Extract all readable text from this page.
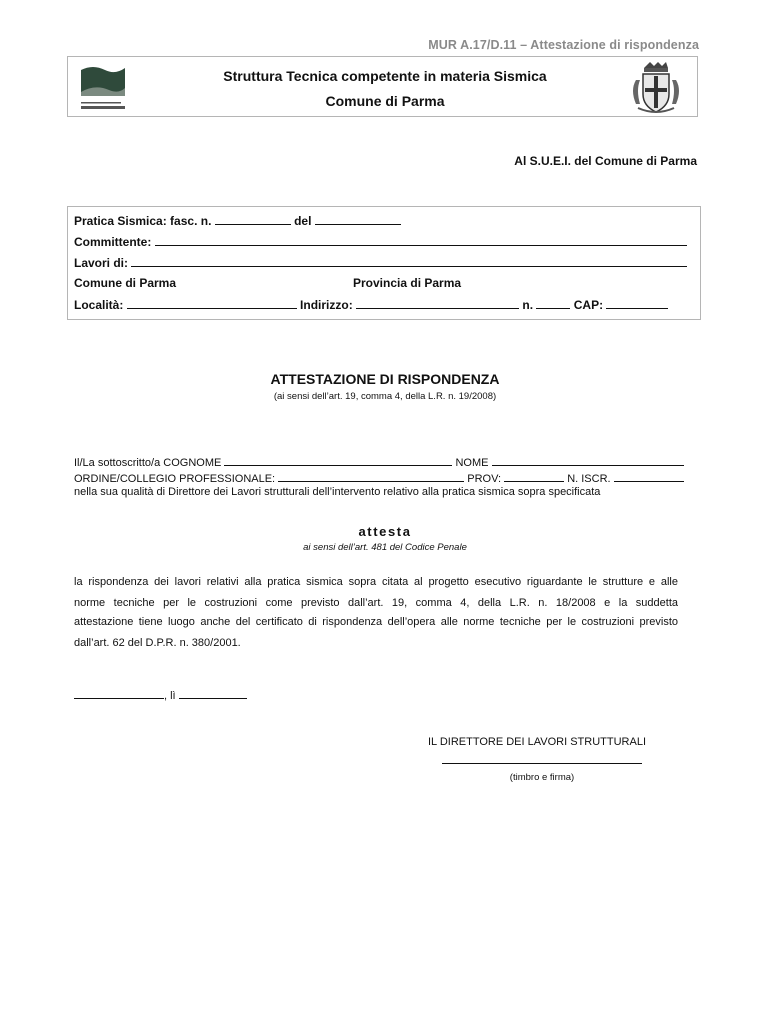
MUR A.17/D.11 – Attestazione di rispondenza
Struttura Tecnica competente in materia Sismica
Comune di Parma
Al S.U.E.I. del Comune di Parma
Pratica Sismica: fasc. n.	del
Committente:
Lavori di:
Comune di Parma	Provincia di Parma
Località:	Indirizzo:	n.	CAP:
ATTESTAZIONE DI RISPONDENZA
(ai sensi dell’art. 19, comma 4, della L.R. n. 19/2008)
Il/La sottoscritto/a COGNOME	NOME
ORDINE/COLLEGIO PROFESSIONALE:	PROV:	N. ISCR.
nella sua qualità di Direttore dei Lavori strutturali dell’intervento relativo alla pratica sismica sopra specificata
attesta
ai sensi dell’art. 481 del Codice Penale
la rispondenza dei lavori relativi alla pratica sismica sopra citata al progetto esecutivo riguardante le strutture e alle
norme tecniche per le costruzioni come previsto dall’art. 19, comma 4, della L.R. n. 18/2008 e la suddetta
attestazione tiene luogo anche del certificato di rispondenza dell’opera alle norme tecniche per le costruzioni previsto
dall’art. 62 del D.P.R. n. 380/2001.
, lì
IL DIRETTORE DEI LAVORI STRUTTURALI
(timbro e firma)
